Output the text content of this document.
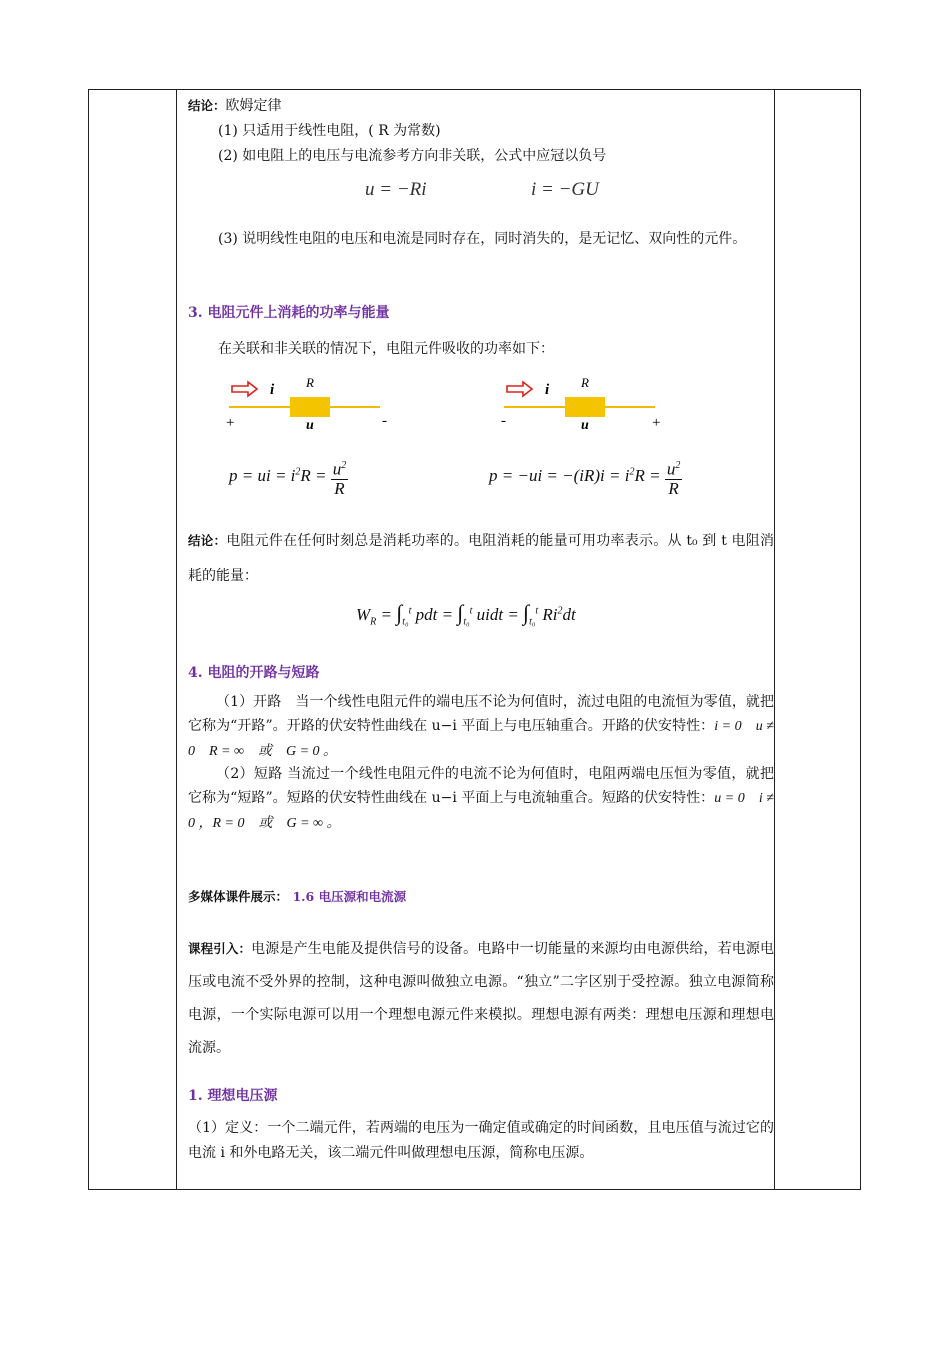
结论：欧姆定律
(1) 只适用于线性电阻，( R 为常数)
(2) 如电阻上的电压与电流参考方向非关联，公式中应冠以负号
u = −Ri	i = −GU
(3) 说明线性电阻的电压和电流是同时存在，同时消失的，是无记忆、双向性的元件。
3. 电阻元件上消耗的功率与能量
在关联和非关联的情况下，电阻元件吸收的功率如下：
i R
u
+	-
i R
u
-	+
p = ui = $i^2R = \frac{u^2}{R}$	$p = -ui = -(iR)i = i^2R = \frac{u^2}{R}$
结论：电阻元件在任何时刻总是消耗功率的。电阻消耗的能量可用功率表示。从 t₀ 到 t 电阻消耗的能量：
$W_R = \int_{t_0}^t$ pdt = $\int_{t_0}^t$ uidt = $\int_{t_0}^t$ Ri$^2$dt
4. 电阻的开路与短路
（1）开路　当一个线性电阻元件的端电压不论为何值时，流过电阻的电流恒为零值，就把它称为“开路”。开路的伏安特性曲线在 u−i 平面上与电压轴重合。开路的伏安特性：i = 0　u ≠ 0　R = ∞　或　G = 0 。
（2）短路 当流过一个线性电阻元件的电流不论为何值时，电阻两端电压恒为零值，就把它称为“短路”。短路的伏安特性曲线在 u−i 平面上与电流轴重合。短路的伏安特性：u = 0　i ≠ 0 ，R = 0　或　G = ∞ 。
多媒体课件展示： 1.6 电压源和电流源
课程引入：电源是产生电能及提供信号的设备。电路中一切能量的来源均由电源供给，若电源电压或电流不受外界的控制，这种电源叫做独立电源。“独立”二字区别于受控源。独立电源简称电源，一个实际电源可以用一个理想电源元件来模拟。理想电源有两类：理想电压源和理想电流源。
1. 理想电压源
（1）定义：一个二端元件，若两端的电压为一确定值或确定的时间函数，且电压值与流过它的电流 i 和外电路无关，该二端元件叫做理想电压源，简称电压源。
